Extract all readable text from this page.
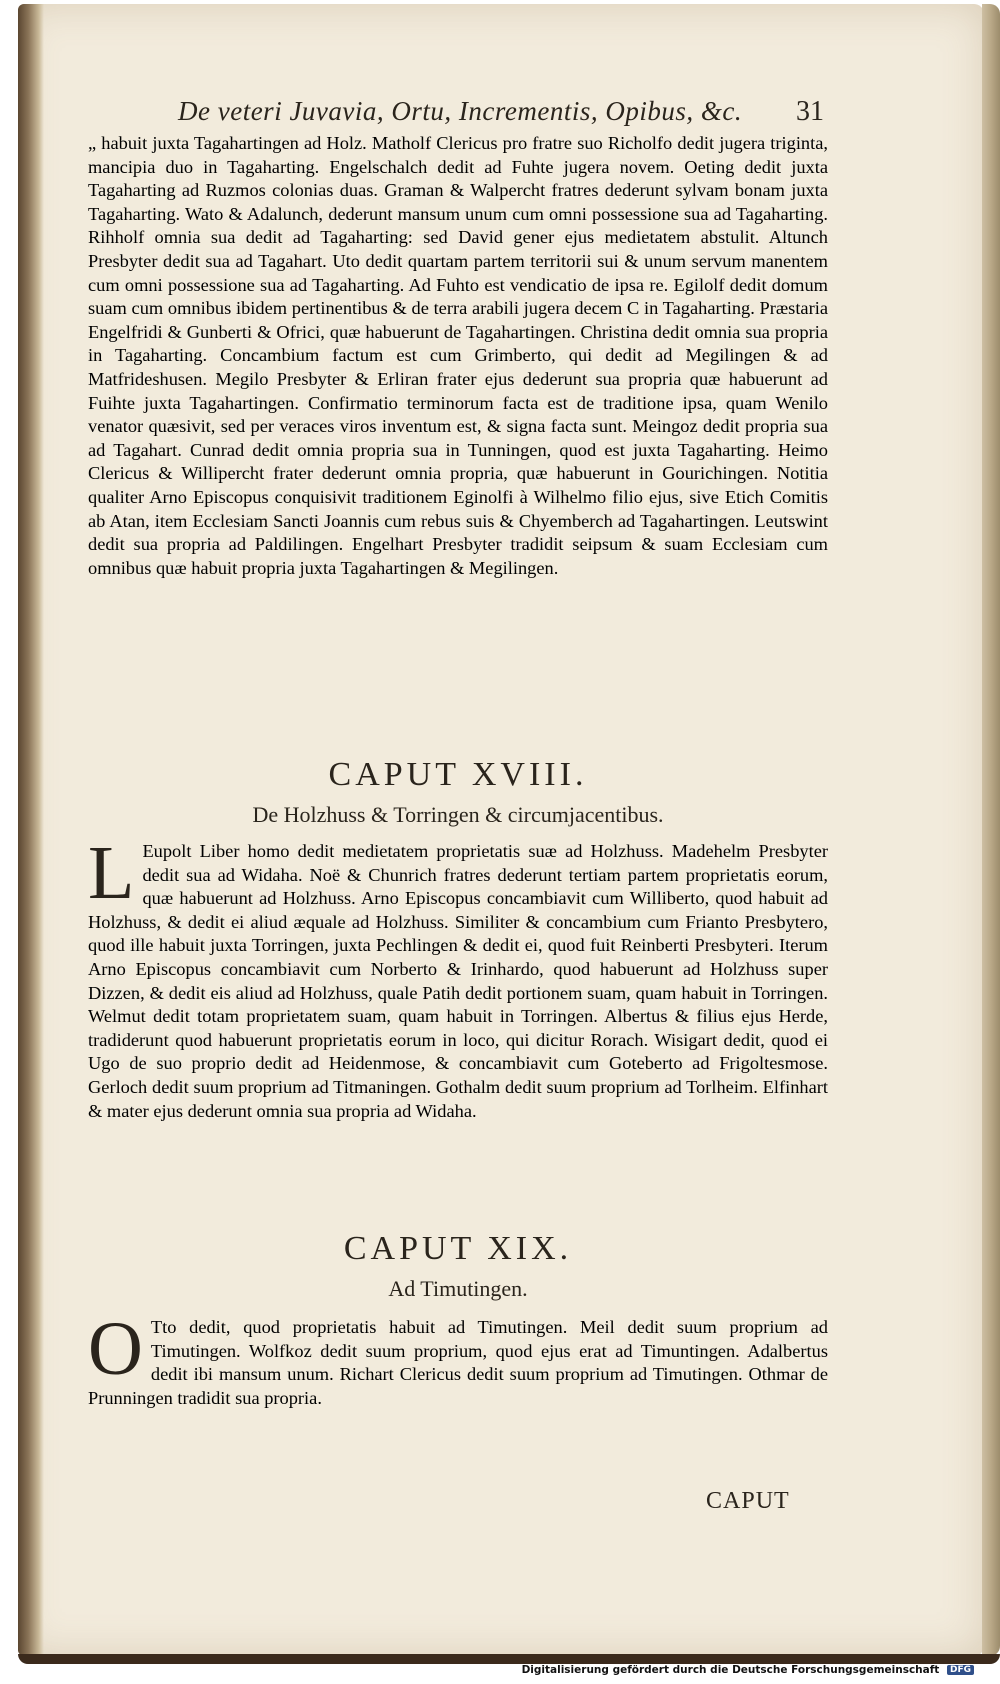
De veteri Juvavia, Ortu, Incrementis, Opibus, &c.	31
„ habuit juxta Tagahartingen ad Holz. Matholf Clericus pro fratre suo Richolfo dedit jugera triginta, mancipia duo in Tagaharting. Engelschalch dedit ad Fuhte jugera novem. Oeting dedit juxta Tagaharting ad Ruzmos colonias duas. Graman & Walpercht fratres dederunt sylvam bonam juxta Tagaharting. Wato & Adalunch, dederunt mansum unum cum omni possessione sua ad Tagaharting. Rihholf omnia sua dedit ad Tagaharting: sed David gener ejus medietatem abstulit. Altunch Presbyter dedit sua ad Tagahart. Uto dedit quartam partem territorii sui & unum servum manentem cum omni possessione sua ad Tagaharting. Ad Fuhto est vendicatio de ipsa re. Egilolf dedit domum suam cum omnibus ibidem pertinentibus & de terra arabili jugera decem C in Tagaharting. Præstaria Engelfridi & Gunberti & Ofrici, quæ habuerunt de Tagahartingen. Christina dedit omnia sua propria in Tagaharting. Concambium factum est cum Grimberto, qui dedit ad Megilingen & ad Matfrideshusen. Megilo Presbyter & Erliran frater ejus dederunt sua propria quæ habuerunt ad Fuihte juxta Tagahartingen. Confirmatio terminorum facta est de traditione ipsa, quam Wenilo venator quæsivit, sed per veraces viros inventum est, & signa facta sunt. Meingoz dedit propria sua ad Tagahart. Cunrad dedit omnia propria sua in Tunningen, quod est juxta Tagaharting. Heimo Clericus & Willipercht frater dederunt omnia propria, quæ habuerunt in Gourichingen. Notitia qualiter Arno Episcopus conquisivit traditionem Eginolfi à Wilhelmo filio ejus, sive Etich Comitis ab Atan, item Ecclesiam Sancti Joannis cum rebus suis & Chyemberch ad Tagahartingen. Leutswint dedit sua propria ad Paldilingen. Engelhart Presbyter tradidit seipsum & suam Ecclesiam cum omnibus quæ habuit propria juxta Tagahartingen & Megilingen.
CAPUT XVIII.
De Holzhuss & Torringen & circumjacentibus.
L Eupolt Liber homo dedit medietatem proprietatis suæ ad Holzhuss. Madehelm Presbyter dedit sua ad Widaha. Noë & Chunrich fratres dederunt tertiam partem proprietatis eorum, quæ habuerunt ad Holzhuss. Arno Episcopus concambiavit cum Williberto, quod habuit ad Holzhuss, & dedit ei aliud æquale ad Holzhuss. Similiter & concambium cum Frianto Presbytero, quod ille habuit juxta Torringen, juxta Pechlingen & dedit ei, quod fuit Reinberti Presbyteri. Iterum Arno Episcopus concambiavit cum Norberto & Irinhardo, quod habuerunt ad Holzhuss super Dizzen, & dedit eis aliud ad Holzhuss, quale Patih dedit portionem suam, quam habuit in Torringen. Welmut dedit totam proprietatem suam, quam habuit in Torringen. Albertus & filius ejus Herde, tradiderunt quod habuerunt proprietatis eorum in loco, qui dicitur Rorach. Wisigart dedit, quod ei Ugo de suo proprio dedit ad Heidenmose, & concambiavit cum Goteberto ad Frigoltesmose. Gerloch dedit suum proprium ad Titmaningen. Gothalm dedit suum proprium ad Torlheim. Elfinhart & mater ejus dederunt omnia sua propria ad Widaha.
CAPUT XIX.
Ad Timutingen.
O Tto dedit, quod proprietatis habuit ad Timutingen. Meil dedit suum proprium ad Timutingen. Wolfkoz dedit suum proprium, quod ejus erat ad Timuntingen. Adalbertus dedit ibi mansum unum. Richart Clericus dedit suum proprium ad Timutingen. Othmar de Prunningen tradidit sua propria.
CAPUT
Digitalisierung gefördert durch die Deutsche Forschungsgemeinschaft DFG
